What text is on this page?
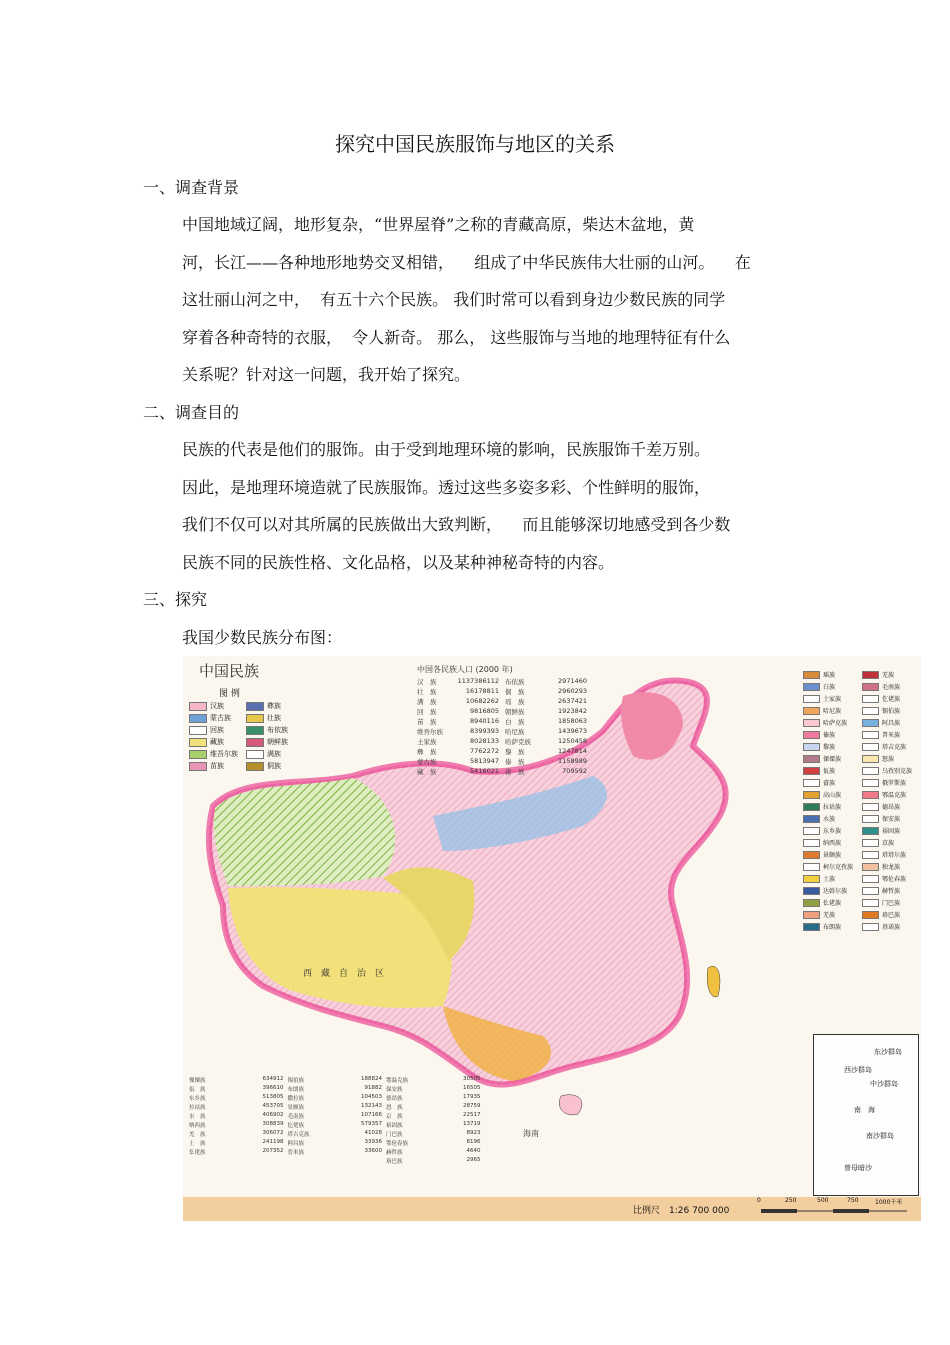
探究中国民族服饰与地区的关系
一、调查背景
中国地域辽阔，地形复杂，“世界屋脊”之称的青藏高原，柴达木盆地，黄
河，长江——各种地形地势交叉相错，    组成了中华民族伟大壮丽的山河。    在
这壮丽山河之中，  有五十六个民族。 我们时常可以看到身边少数民族的同学
穿着各种奇特的衣服，  令人新奇。 那么， 这些服饰与当地的地理特征有什么
关系呢？针对这一问题，我开始了探究。
二、调查目的
民族的代表是他们的服饰。由于受到地理环境的影响，民族服饰千差万别。
因此，是地理环境造就了民族服饰。透过这些多姿多彩、个性鲜明的服饰，
我们不仅可以对其所属的民族做出大致判断，    而且能够深切地感受到各少数
民族不同的民族性格、文化品格，以及某种神秘奇特的内容。
三、探究
我国少数民族分布图：
海南
西　藏　自　治　区
中国民族
图 例
汉族	彝族
蒙古族	壮族
回族	布依族
藏族	朝鲜族
维吾尔族	满族
苗族	侗族
中国各民族人口 (2000 年)
汉　族	1137386112 布依族	2971460
壮　族	16178811 侗　族	2960293
满　族	10682262 瑶　族	2637421
回　族	9816805 朝鲜族	1923842
苗　族	8940116 白　族	1858063
维吾尔族	8399393 哈尼族	1439673
土家族	8028133 哈萨克族	1250458
彝　族	7762272 黎　族	1247814
蒙古族	5813947 傣　族	1158989
藏　族	5416021 畲　族	709592
瑶族	羌族
白族	毛南族
土家族	仡佬族
哈尼族	锡伯族
哈萨克族	阿昌族
傣族	普米族
黎族	塔吉克族
傈僳族	怒族
佤族	乌孜别克族
畲族	俄罗斯族
高山族	鄂温克族
拉祜族	德昂族
水族	保安族
东乡族	裕固族
纳西族	京族
景颇族	塔塔尔族
柯尔克孜族	独龙族
土族	鄂伦春族
达斡尔族	赫哲族
仫佬族	门巴族
羌族	珞巴族
布朗族	基诺族
傈僳族	634912 锡伯族	188824 鄂温克族	30505
佤　族	396610 布朗族	91882 保安族	16505
东乡族	513805 撒拉族	104503 德昂族	17935
拉祜族	453705 景颇族	132143 怒　族	28759
水　族	406902 毛南族	107166 京　族	22517
纳西族	308839 仡佬族	579357 裕固族	13719
羌　族	306072 塔吉克族	41028 门巴族	8923
土　族	241198 阿昌族	33936 鄂伦春族	8196
仫佬族	207352 普米族	33600 赫哲族	4640
珞巴族	2965
东沙群岛
西沙群岛
中沙群岛
南　海
南沙群岛
曾母暗沙
比例尺　1:26 700 000
0	250	500	750	1000千米
